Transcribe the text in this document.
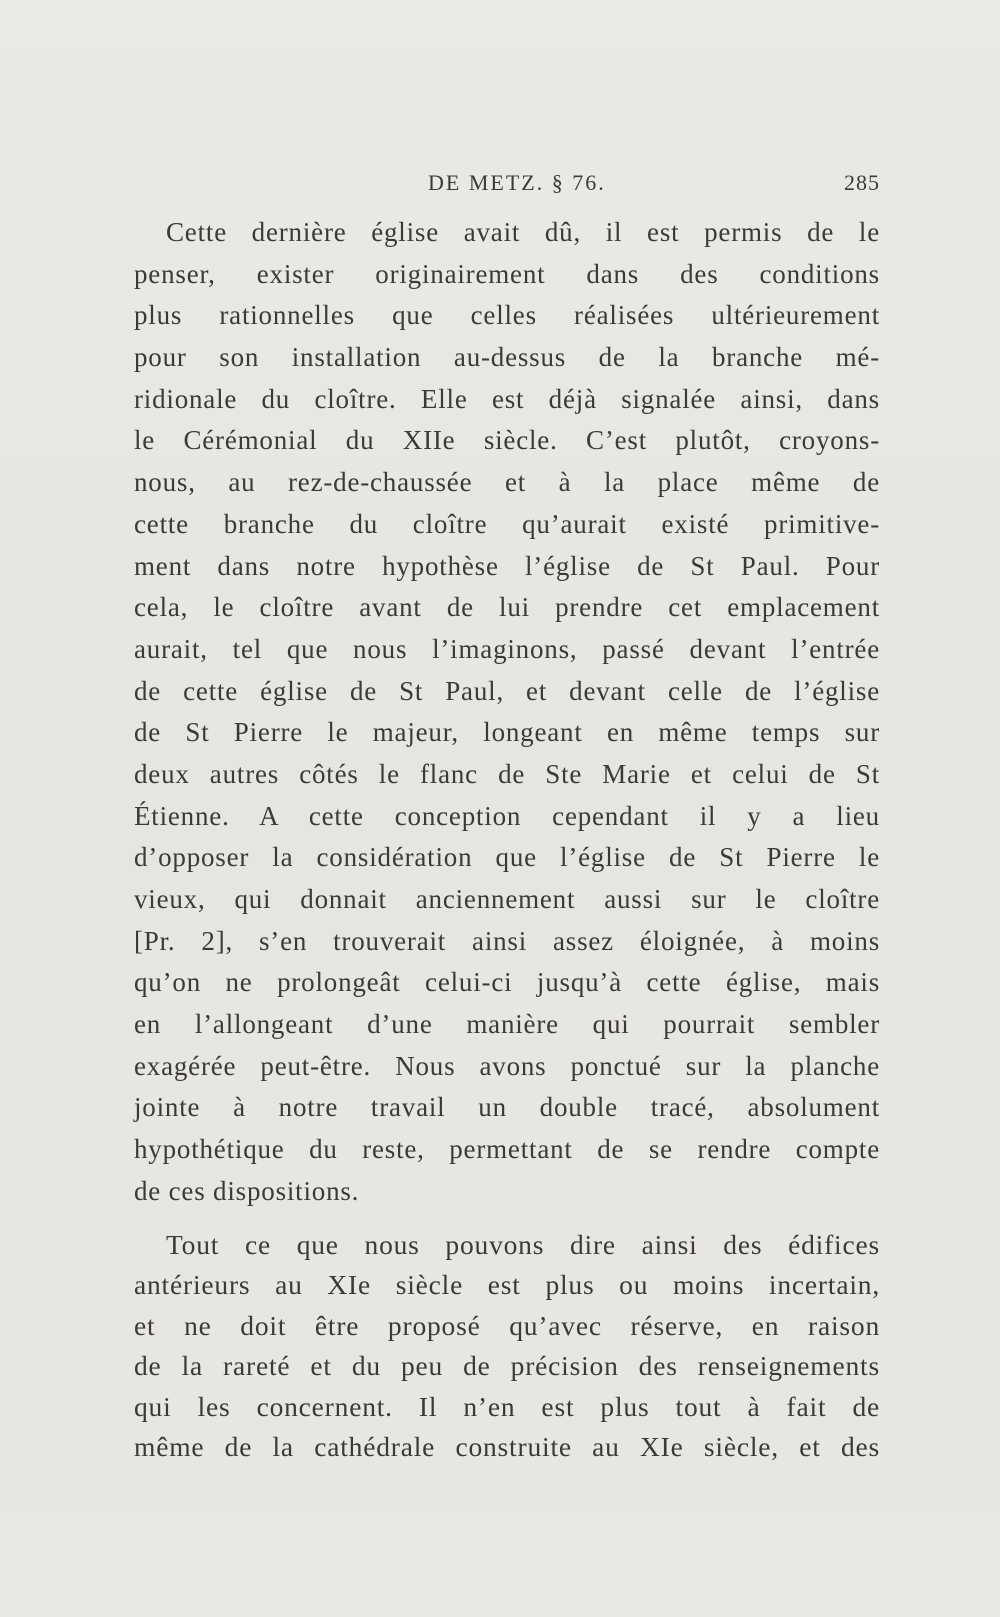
DE METZ. § 76.	285
Cette dernière église avait dû, il est permis de le
penser, exister originairement dans des conditions
plus rationnelles que celles réalisées ultérieurement
pour son installation au-dessus de la branche mé-
ridionale du cloître. Elle est déjà signalée ainsi, dans
le Cérémonial du XIIe siècle. C’est plutôt, croyons-
nous, au rez-de-chaussée et à la place même de
cette branche du cloître qu’aurait existé primitive-
ment dans notre hypothèse l’église de St Paul. Pour
cela, le cloître avant de lui prendre cet emplacement
aurait, tel que nous l’imaginons, passé devant l’entrée
de cette église de St Paul, et devant celle de l’église
de St Pierre le majeur, longeant en même temps sur
deux autres côtés le flanc de Ste Marie et celui de St
Étienne. A cette conception cependant il y a lieu
d’opposer la considération que l’église de St Pierre le
vieux, qui donnait anciennement aussi sur le cloître
[Pr. 2], s’en trouverait ainsi assez éloignée, à moins
qu’on ne prolongeât celui-ci jusqu’à cette église, mais
en l’allongeant d’une manière qui pourrait sembler
exagérée peut-être. Nous avons ponctué sur la planche
jointe à notre travail un double tracé, absolument
hypothétique du reste, permettant de se rendre compte
de ces dispositions.
Tout ce que nous pouvons dire ainsi des édifices
antérieurs au XIe siècle est plus ou moins incertain,
et ne doit être proposé qu’avec réserve, en raison
de la rareté et du peu de précision des renseignements
qui les concernent. Il n’en est plus tout à fait de
même de la cathédrale construite au XIe siècle, et des
